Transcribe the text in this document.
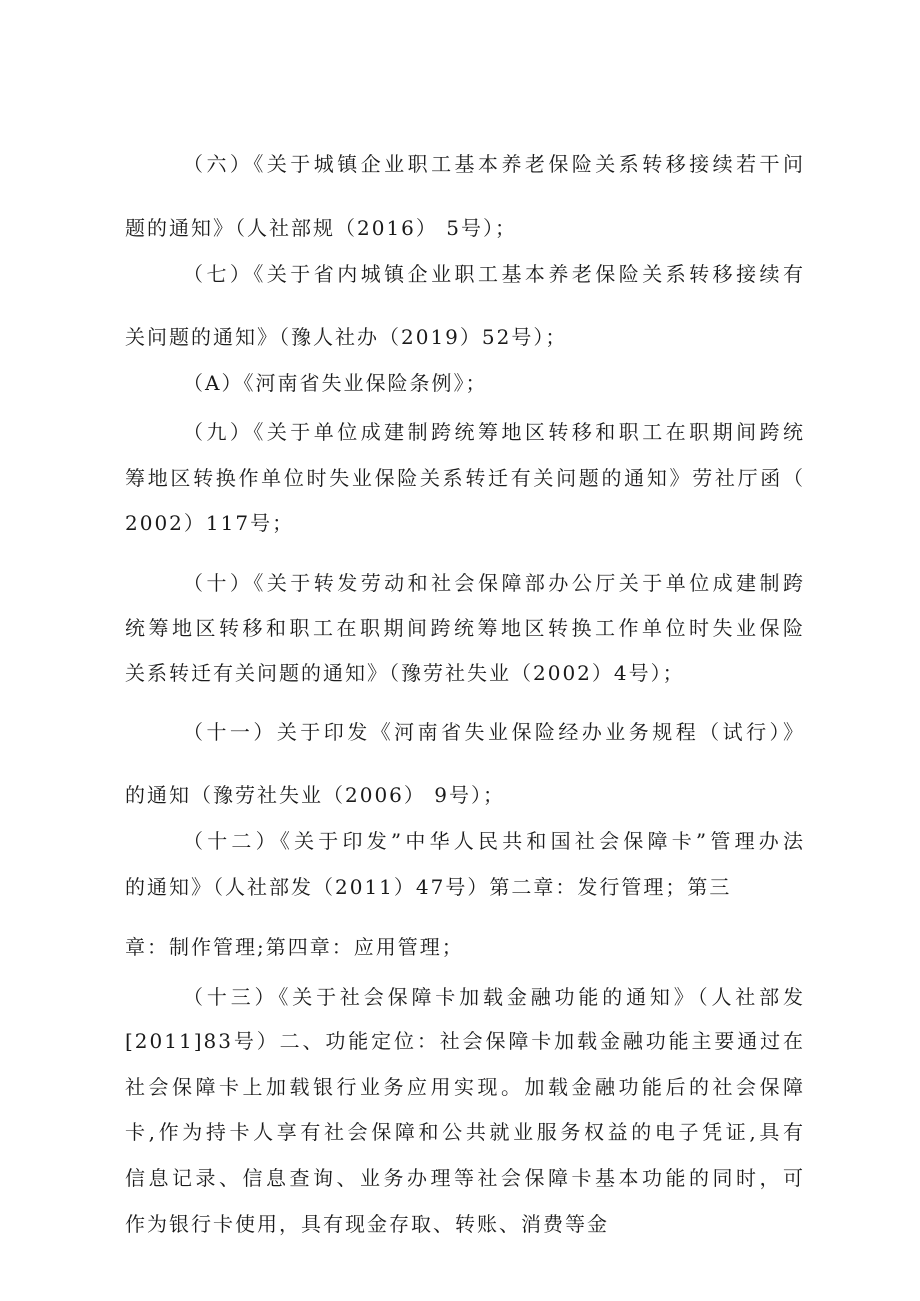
（六）《关于城镇企业职工基本养老保险关系转移接续若干问
题的通知》（人社部规（2016） 5号）；
（七）《关于省内城镇企业职工基本养老保险关系转移接续有
关问题的通知》（豫人社办（2019）52号）；
（A）《河南省失业保险条例》；
（九）《关于单位成建制跨统筹地区转移和职工在职期间跨统
筹地区转换作单位时失业保险关系转迁有关问题的通知》劳社厅函（
2002）117号；
（十）《关于转发劳动和社会保障部办公厅关于单位成建制跨
统筹地区转移和职工在职期间跨统筹地区转换工作单位时失业保险
关系转迁有关问题的通知》（豫劳社失业（2002）4号）；
（十一）关于印发《河南省失业保险经办业务规程（试行）》
的通知（豫劳社失业（2006） 9号）；
（十二）《关于印发”中华人民共和国社会保障卡”管理办法
的通知》（人社部发（2011）47号）第二章：发行管理；第三
章：制作管理;第四章：应用管理；
（十三）《关于社会保障卡加载金融功能的通知》（人社部发
[2011]83号）二、功能定位：社会保障卡加载金融功能主要通过在
社会保障卡上加载银行业务应用实现。加载金融功能后的社会保障
卡,作为持卡人享有社会保障和公共就业服务权益的电子凭证,具有
信息记录、信息查询、业务办理等社会保障卡基本功能的同时，可
作为银行卡使用，具有现金存取、转账、消费等金
